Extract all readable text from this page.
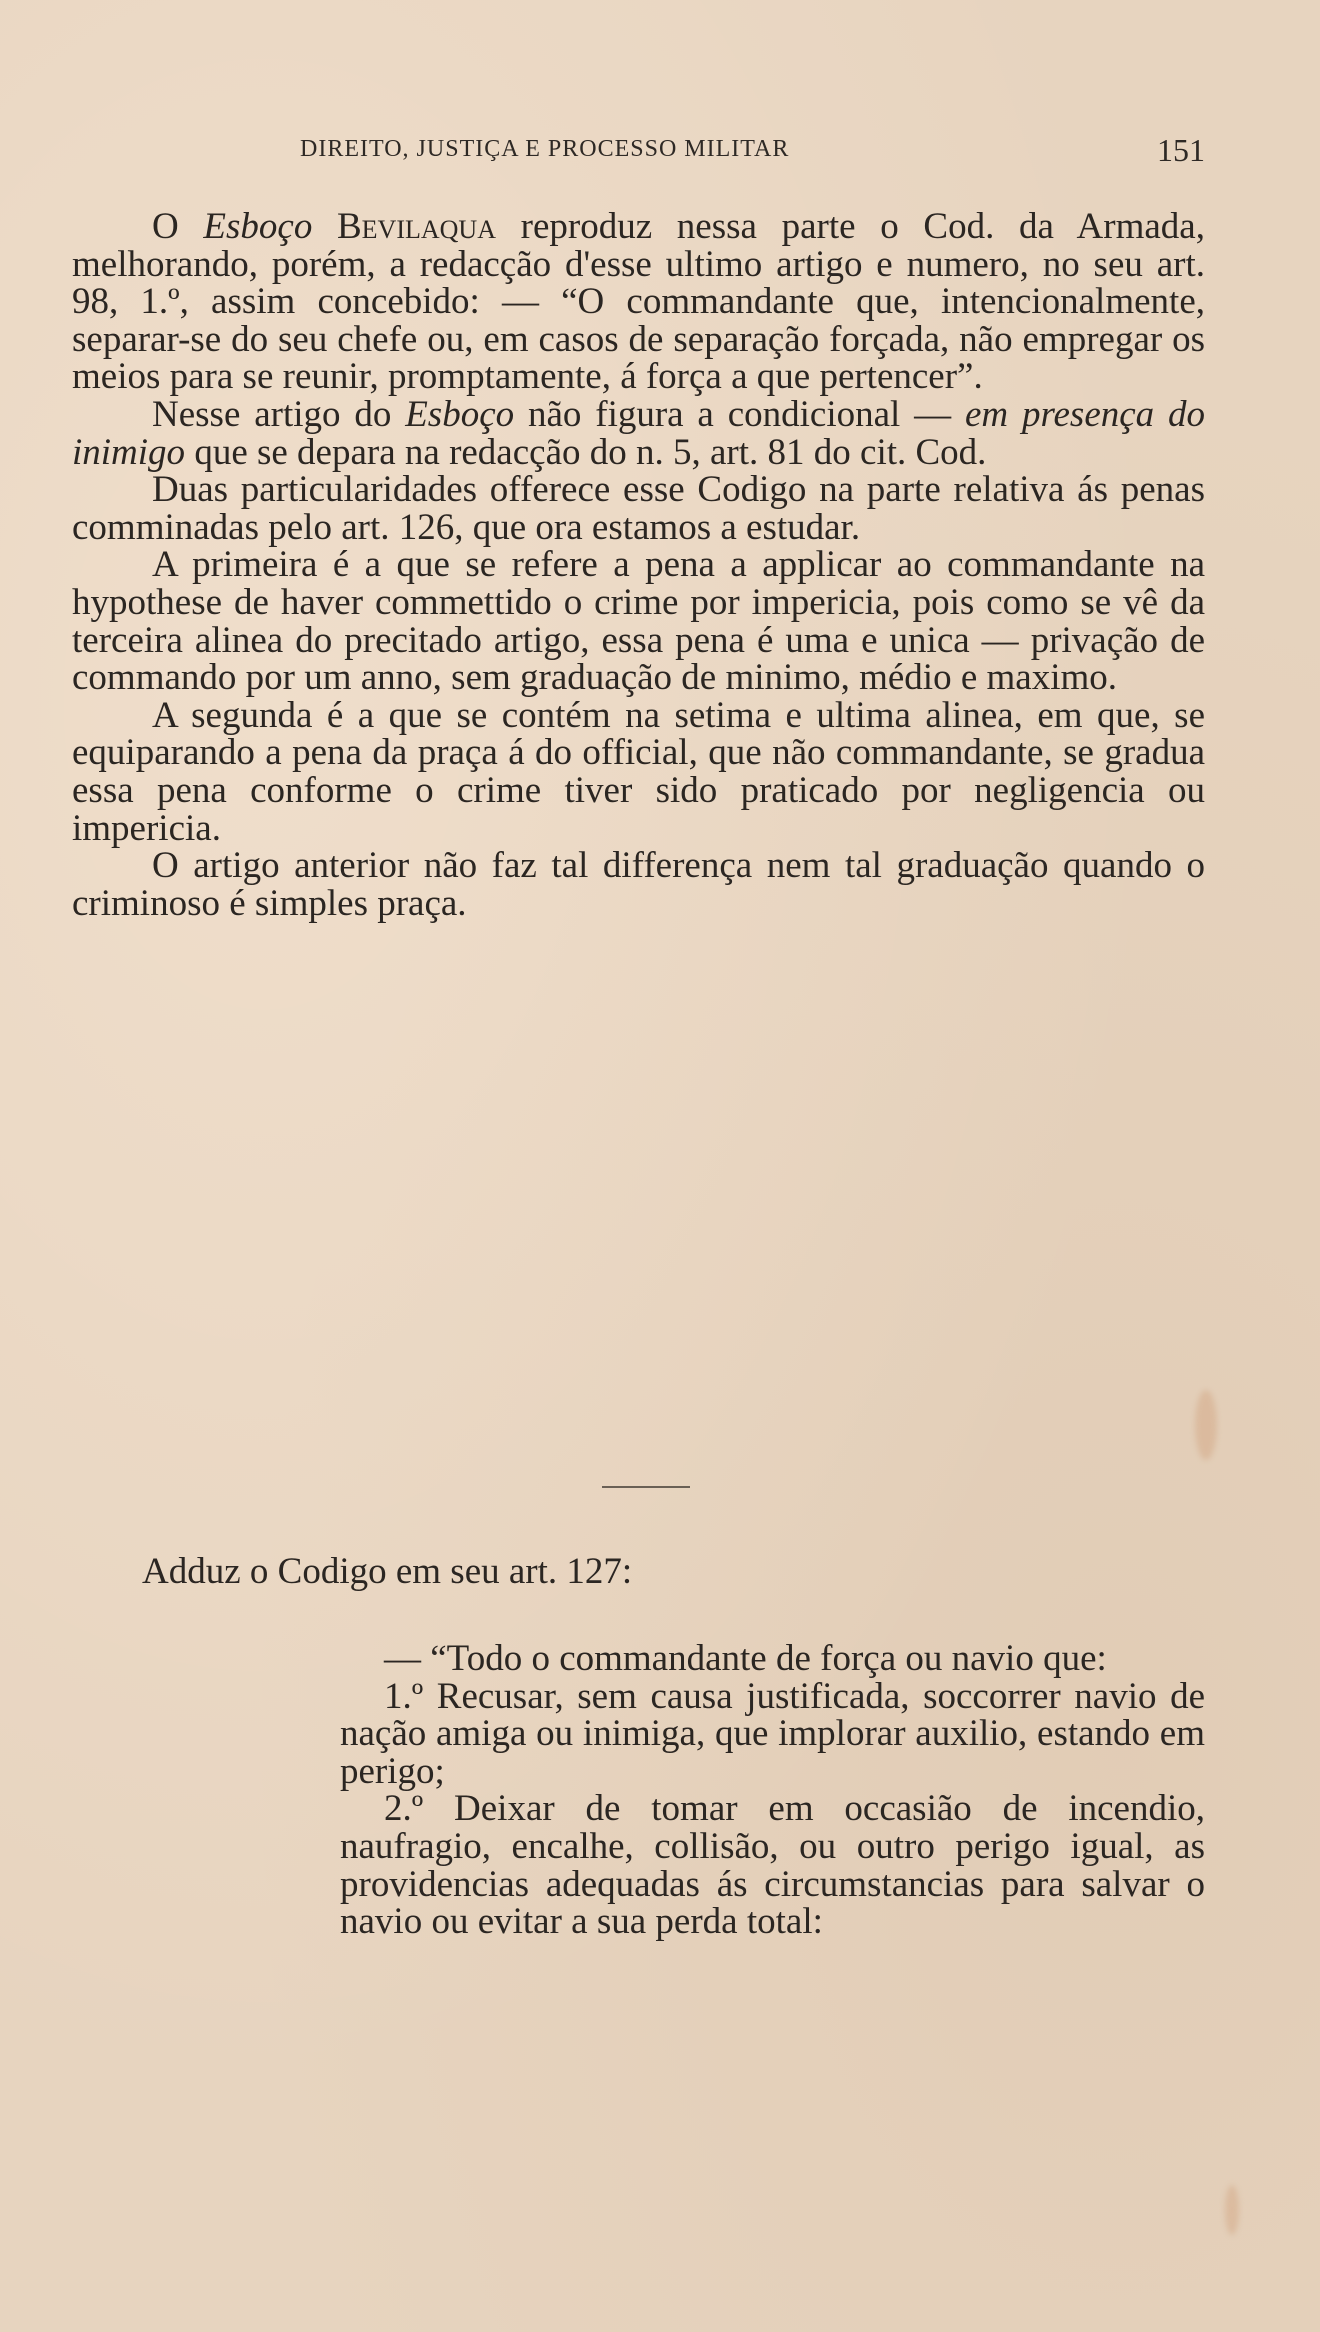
DIREITO, JUSTIÇA E PROCESSO MILITAR	151

O Esboço Bevilaqua reproduz nessa parte o Cod. da Armada, melhorando, porém, a redacção d'esse ultimo artigo e numero, no seu art. 98, 1.º, assim concebido: — “O commandante que, intencionalmente, separar-se do seu chefe ou, em casos de separação forçada, não empregar os meios para se reunir, promptamente, á força a que pertencer”.

Nesse artigo do Esboço não figura a condicional — em presença do inimigo que se depara na redacção do n. 5, art. 81 do cit. Cod.

Duas particularidades offerece esse Codigo na parte relativa ás penas comminadas pelo art. 126, que ora estamos a estudar.

A primeira é a que se refere a pena a applicar ao commandante na hypothese de haver commettido o crime por impericia, pois como se vê da terceira alinea do precitado artigo, essa pena é uma e unica — privação de commando por um anno, sem graduação de minimo, médio e maximo.

A segunda é a que se contém na setima e ultima alinea, em que, se equiparando a pena da praça á do official, que não commandante, se gradua essa pena conforme o crime tiver sido praticado por negligencia ou impericia.

O artigo anterior não faz tal differença nem tal graduação quando o criminoso é simples praça.

Adduz o Codigo em seu art. 127:

— “Todo o commandante de força ou navio que:

1.º Recusar, sem causa justificada, soccorrer navio de nação amiga ou inimiga, que implorar auxilio, estando em perigo;

2.º Deixar de tomar em occasião de incendio, naufragio, encalhe, collisão, ou outro perigo igual, as providencias adequadas ás circumstancias para salvar o navio ou evitar a sua perda total:
